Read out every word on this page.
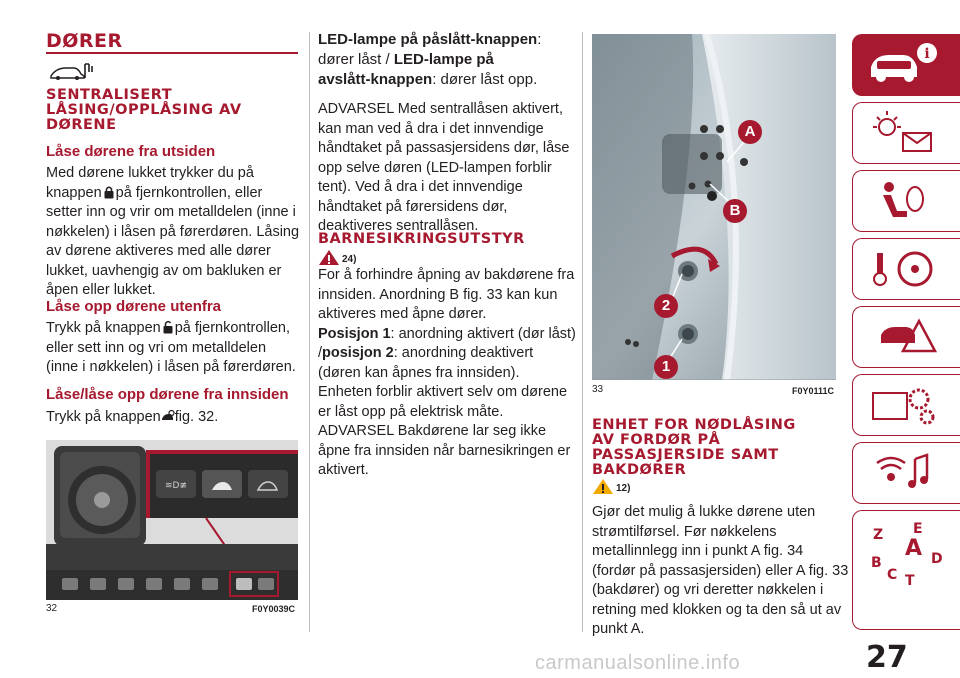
DØRER
SENTRALISERT LÅSING/OPPLÅSING AV DØRENE
Låse dørene fra utsiden
Med dørene lukket trykker du på
knappen på fjernkontrollen, eller
setter inn og vrir om metalldelen (inne i
nøkkelen) i låsen på førerdøren. Låsing
av dørene aktiveres med alle dører
lukket, uavhengig av om bakluken er
åpen eller lukket.
Låse opp dørene utenfra
Trykk på knappen på fjernkontrollen,
eller sett inn og vri om metalldelen
(inne i nøkkelen) i låsen på førerdøren.
Låse/låse opp dørene fra innsiden
Trykk på knappen fig. 32.
≋D≢
32	F0Y0039C
LED-lampe på påslått-knappen:
dører låst / LED-lampe på
avslått-knappen: dører låst opp.
ADVARSEL Med sentrallåsen aktivert,
kan man ved å dra i det innvendige
håndtaket på passasjersidens dør, låse
opp selve døren (LED-lampen forblir
tent). Ved å dra i det innvendige
håndtaket på førersidens dør,
deaktiveres sentrallåsen.
BARNESIKRINGSUTSTYR
24)
For å forhindre åpning av bakdørene fra
innsiden. Anordning B fig. 33 kan kun
aktiveres med åpne dører.
Posisjon 1: anordning aktivert (dør låst)
/posisjon 2: anordning deaktivert
(døren kan åpnes fra innsiden).
Enheten forblir aktivert selv om dørene
er låst opp på elektrisk måte.
ADVARSEL Bakdørene lar seg ikke
åpne fra innsiden når barnesikringen er
aktivert.
A
B
2
1
33	F0Y0111C
ENHET FOR NØDLÅSING
AV FORDØR PÅ
PASSASJERSIDE SAMT
BAKDØRER
12)
Gjør det mulig å lukke dørene uten
strømtilførsel. Før nøkkelens
metallinnlegg inn i punkt A fig. 34
(fordør på passasjersiden) eller A fig. 33
(bakdører) og vri deretter nøkkelen i
retning med klokken og ta den så ut av
punkt A.
i
Z E
A
B	D
C T
27
carmanualsonline.info
